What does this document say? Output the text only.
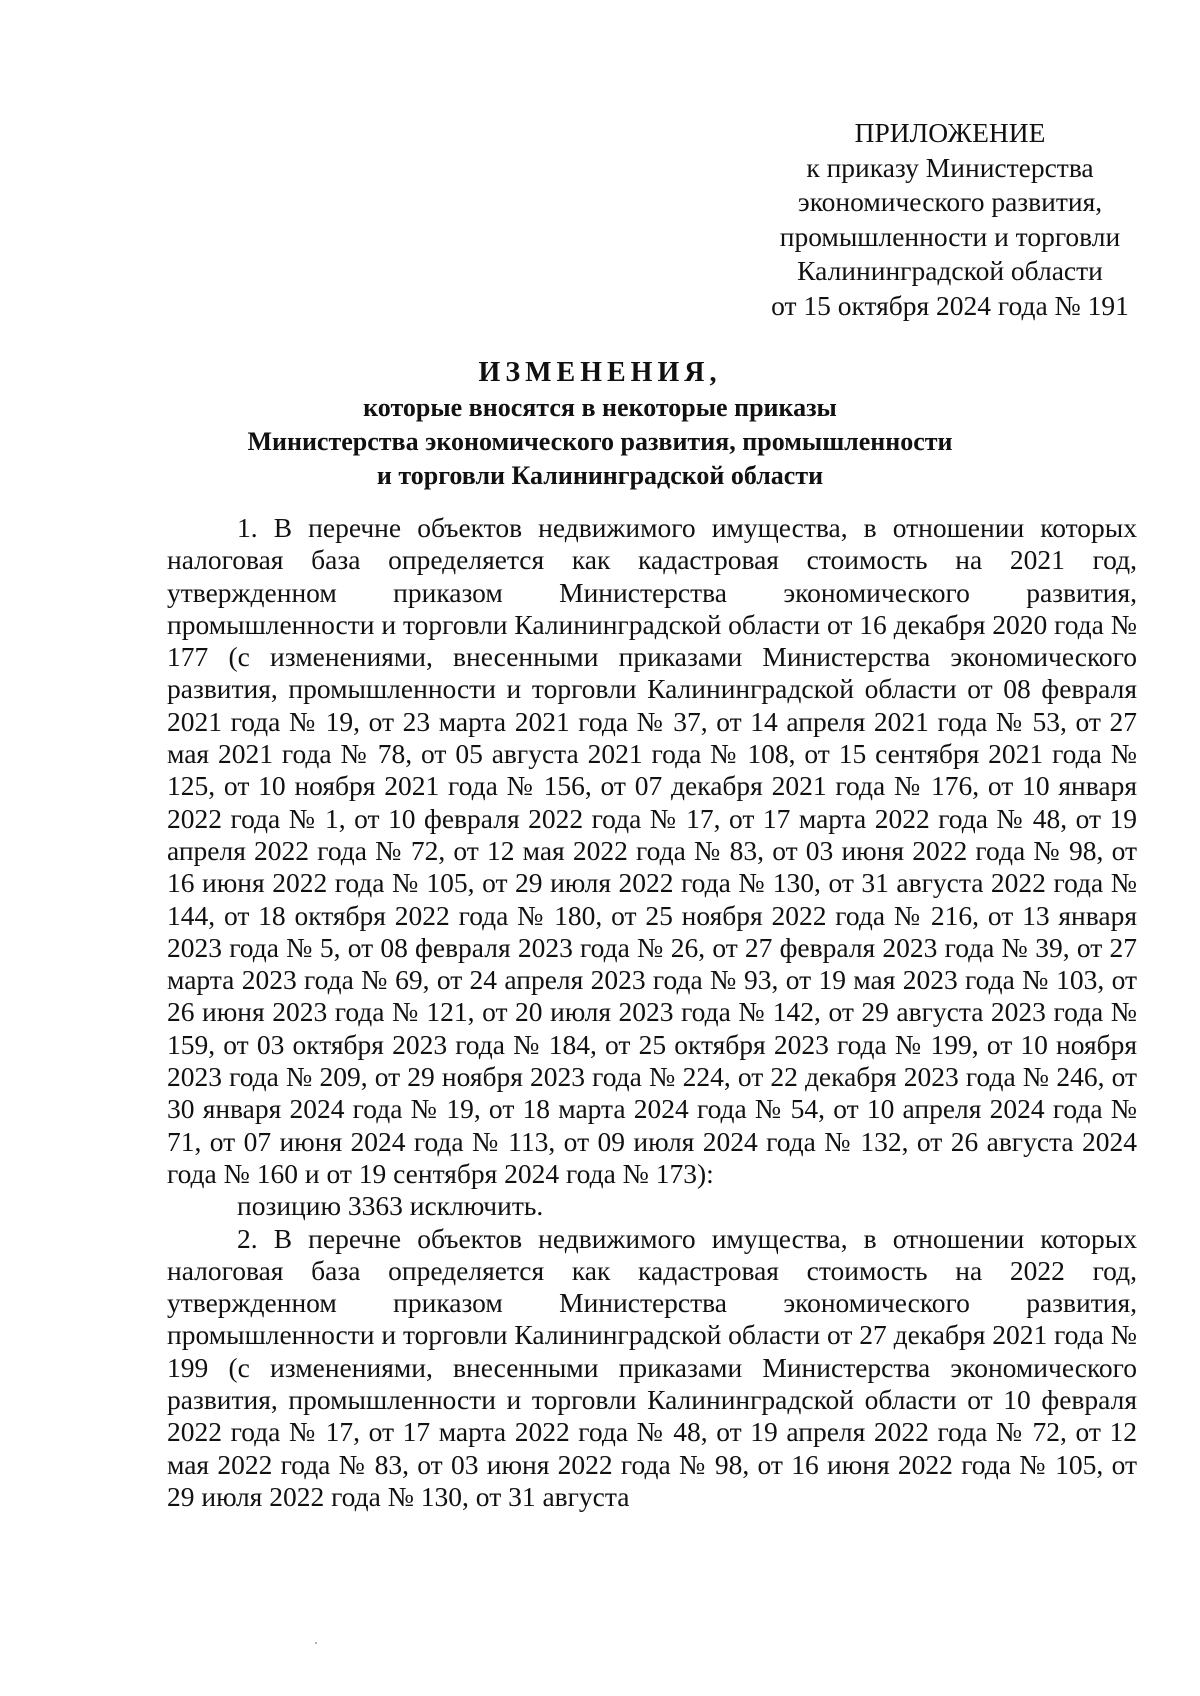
ПРИЛОЖЕНИЕ
к приказу Министерства
экономического развития,
промышленности и торговли
Калининградской области
от 15 октября 2024 года № 191
ИЗМЕНЕНИЯ,
которые вносятся в некоторые приказы
Министерства экономического развития, промышленности
и торговли Калининградской области

1. В перечне объектов недвижимого имущества, в отношении которых налоговая база определяется как кадастровая стоимость на 2021 год, утвержденном приказом Министерства экономического развития, промышленности и торговли Калининградской области от 16 декабря 2020 года № 177 (с изменениями, внесенными приказами Министерства экономического развития, промышленности и торговли Калининградской области от 08 февраля 2021 года № 19, от 23 марта 2021 года № 37, от 14 апреля 2021 года № 53, от 27 мая 2021 года № 78, от 05 августа 2021 года № 108, от 15 сентября 2021 года № 125, от 10 ноября 2021 года № 156, от 07 декабря 2021 года № 176, от 10 января 2022 года № 1, от 10 февраля 2022 года № 17, от 17 марта 2022 года № 48, от 19 апреля 2022 года № 72, от 12 мая 2022 года № 83, от 03 июня 2022 года № 98, от 16 июня 2022 года № 105, от 29 июля 2022 года № 130, от 31 августа 2022 года № 144, от 18 октября 2022 года № 180, от 25 ноября 2022 года № 216, от 13 января 2023 года № 5, от 08 февраля 2023 года № 26, от 27 февраля 2023 года № 39, от 27 марта 2023 года № 69, от 24 апреля 2023 года № 93, от 19 мая 2023 года № 103, от 26 июня 2023 года № 121, от 20 июля 2023 года № 142, от 29 августа 2023 года № 159, от 03 октября 2023 года № 184, от 25 октября 2023 года № 199, от 10 ноября 2023 года № 209, от 29 ноября 2023 года № 224, от 22 декабря 2023 года № 246, от 30 января 2024 года № 19, от 18 марта 2024 года № 54, от 10 апреля 2024 года № 71, от 07 июня 2024 года № 113, от 09 июля 2024 года № 132, от 26 августа 2024 года № 160 и от 19 сентября 2024 года № 173):

позицию 3363 исключить.

2. В перечне объектов недвижимого имущества, в отношении которых налоговая база определяется как кадастровая стоимость на 2022 год, утвержденном приказом Министерства экономического развития, промышленности и торговли Калининградской области от 27 декабря 2021 года № 199 (с изменениями, внесенными приказами Министерства экономического развития, промышленности и торговли Калининградской области от 10 февраля 2022 года № 17, от 17 марта 2022 года № 48, от 19 апреля 2022 года № 72, от 12 мая 2022 года № 83, от 03 июня 2022 года № 98, от 16 июня 2022 года № 105, от 29 июля 2022 года № 130, от 31 августа
